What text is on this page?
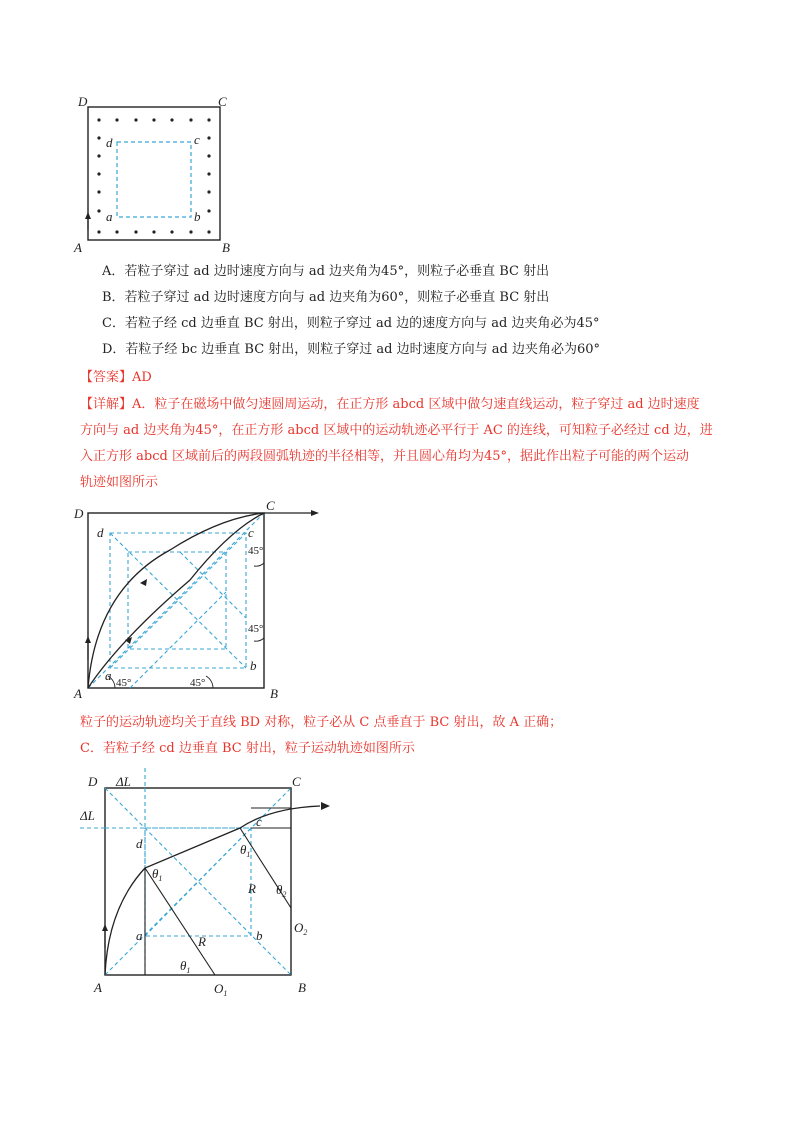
D	C
A	B
d	c
a	b
A．若粒子穿过 ad 边时速度方向与 ad 边夹角为45°，则粒子必垂直 BC 射出
B．若粒子穿过 ad 边时速度方向与 ad 边夹角为60°，则粒子必垂直 BC 射出
C．若粒子经 cd 边垂直 BC 射出，则粒子穿过 ad 边的速度方向与 ad 边夹角必为45°
D．若粒子经 bc 边垂直 BC 射出，则粒子穿过 ad 边时速度方向与 ad 边夹角必为60°
【答案】AD
【详解】A．粒子在磁场中做匀速圆周运动，在正方形 abcd 区域中做匀速直线运动，粒子穿过 ad 边时速度
方向与 ad 边夹角为45°，在正方形 abcd 区域中的运动轨迹必平行于 AC 的连线，可知粒子必经过 cd 边，进
入正方形 abcd 区域前后的两段圆弧轨迹的半径相等，并且圆心角均为45°，据此作出粒子可能的两个运动
轨迹如图所示
D
C
A	B
d	c
a
b
45°
45°
45°	45°
粒子的运动轨迹均关于直线 BD 对称，粒子必从 C 点垂直于 BC 射出，故 A 正确；
C．若粒子经 cd 边垂直 BC 射出，粒子运动轨迹如图所示
D	C
A	B
ΔL
ΔL
d
c
a	b
R
R
$\theta_1$
$\theta_1$
$\theta_1$
$\theta_2$
$O_1$
$O_2$
